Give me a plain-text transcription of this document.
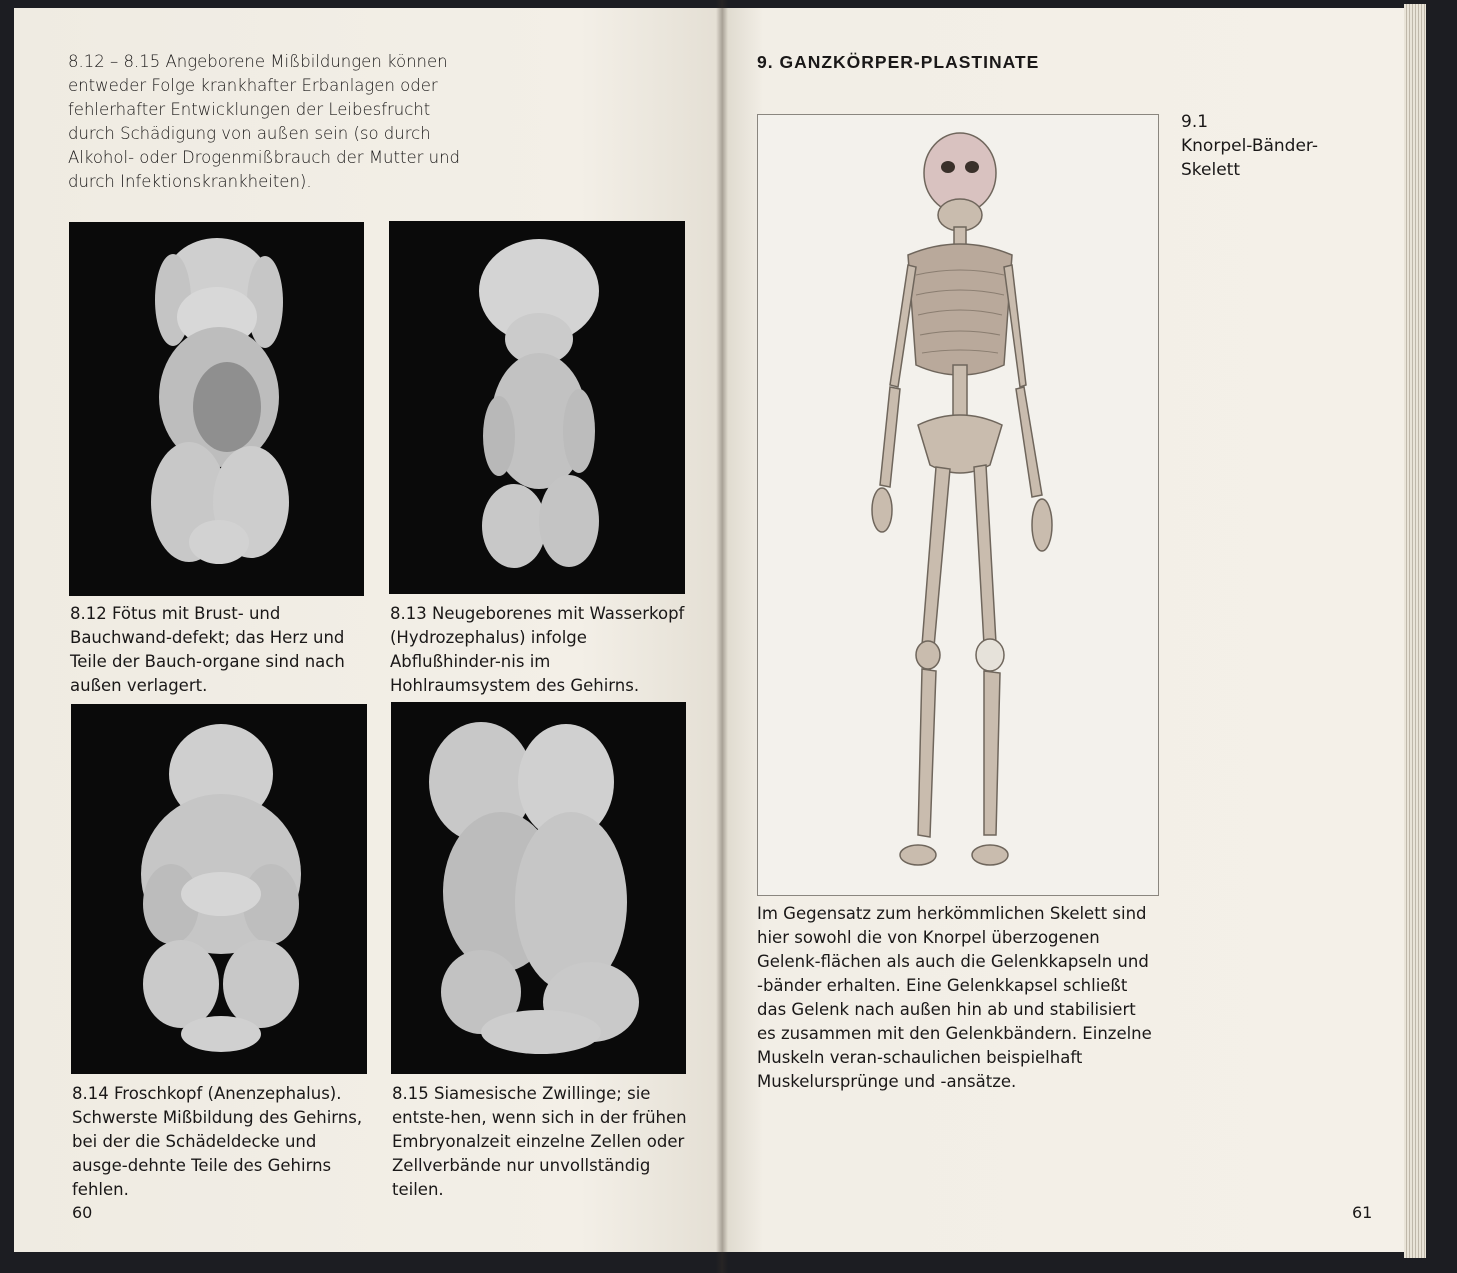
8.12 – 8.15 Angeborene Mißbildungen können entweder Folge krankhafter Erbanlagen oder fehlerhafter Entwicklungen der Leibesfrucht durch Schädigung von außen sein (so durch Alkohol- oder Drogenmißbrauch der Mutter und durch Infektionskrankheiten).

8.12 Fötus mit Brust- und Bauchwand-defekt; das Herz und Teile der Bauch-organe sind nach außen verlagert.

8.13 Neugeborenes mit Wasserkopf (Hydrozephalus) infolge Abflußhinder-nis im Hohlraumsystem des Gehirns.

8.14 Froschkopf (Anenzephalus). Schwerste Mißbildung des Gehirns, bei der die Schädeldecke und ausge-dehnte Teile des Gehirns fehlen.

8.15 Siamesische Zwillinge; sie entste-hen, wenn sich in der frühen Embryonalzeit einzelne Zellen oder Zellverbände nur unvollständig teilen.

60
9. GANZKÖRPER-PLASTINATE
9.1
Knorpel-Bänder-Skelett

Im Gegensatz zum herkömmlichen Skelett sind hier sowohl die von Knorpel überzogenen Gelenk-flächen als auch die Gelenkkapseln und -bänder erhalten. Eine Gelenkkapsel schließt das Gelenk nach außen hin ab und stabilisiert es zusammen mit den Gelenkbändern. Einzelne Muskeln veran-schaulichen beispielhaft Muskelursprünge und -ansätze.

61
